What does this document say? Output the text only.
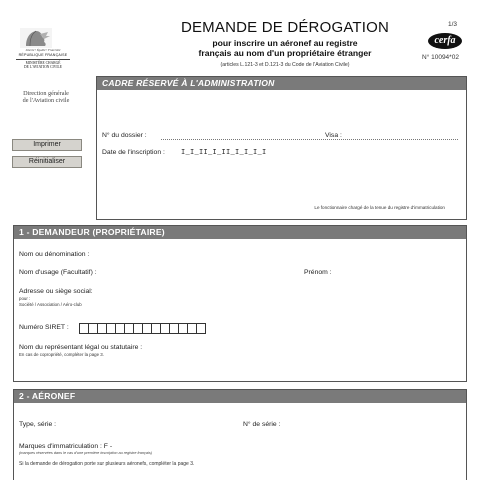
Liberté • Égalité • Fraternité
RÉPUBLIQUE FRANÇAISE
MINISTÈRE CHARGÉ
DE L'AVIATION CIVILE
Direction générale
de l'Aviation civile
Imprimer
Réinitialiser
DEMANDE DE DÉROGATION
pour inscrire un aéronef au registre
français au nom d'un propriétaire étranger
(articles L.121-3 et D.121-3 du Code de l'Aviation Civile)
1/3
cerfa
N° 10094*02
CADRE RÉSERVÉ À L'ADMINISTRATION
N° du dossier :	Visa :
Date de l'inscription : I_I_II_I_II_I_I_I_I
Le fonctionnaire chargé de la tenue du registre d'immatriculation
1 - DEMANDEUR (PROPRIÉTAIRE)
Nom ou dénomination :
Nom d'usage (Facultatif) :	Prénom :
Adresse ou siège social:
pour :
Société / Association / Aéro-club
Numéro SIRET :
Nom du représentant légal ou statutaire :
En cas de copropriété, compléter la page 3.
2 - AÉRONEF
Type, série :	N° de série :
Marques d'immatriculation : F -
(marques réservées dans le cas d'une première inscription au registre français)
Si la demande de dérogation porte sur plusieurs aéronefs, compléter la page 3.
